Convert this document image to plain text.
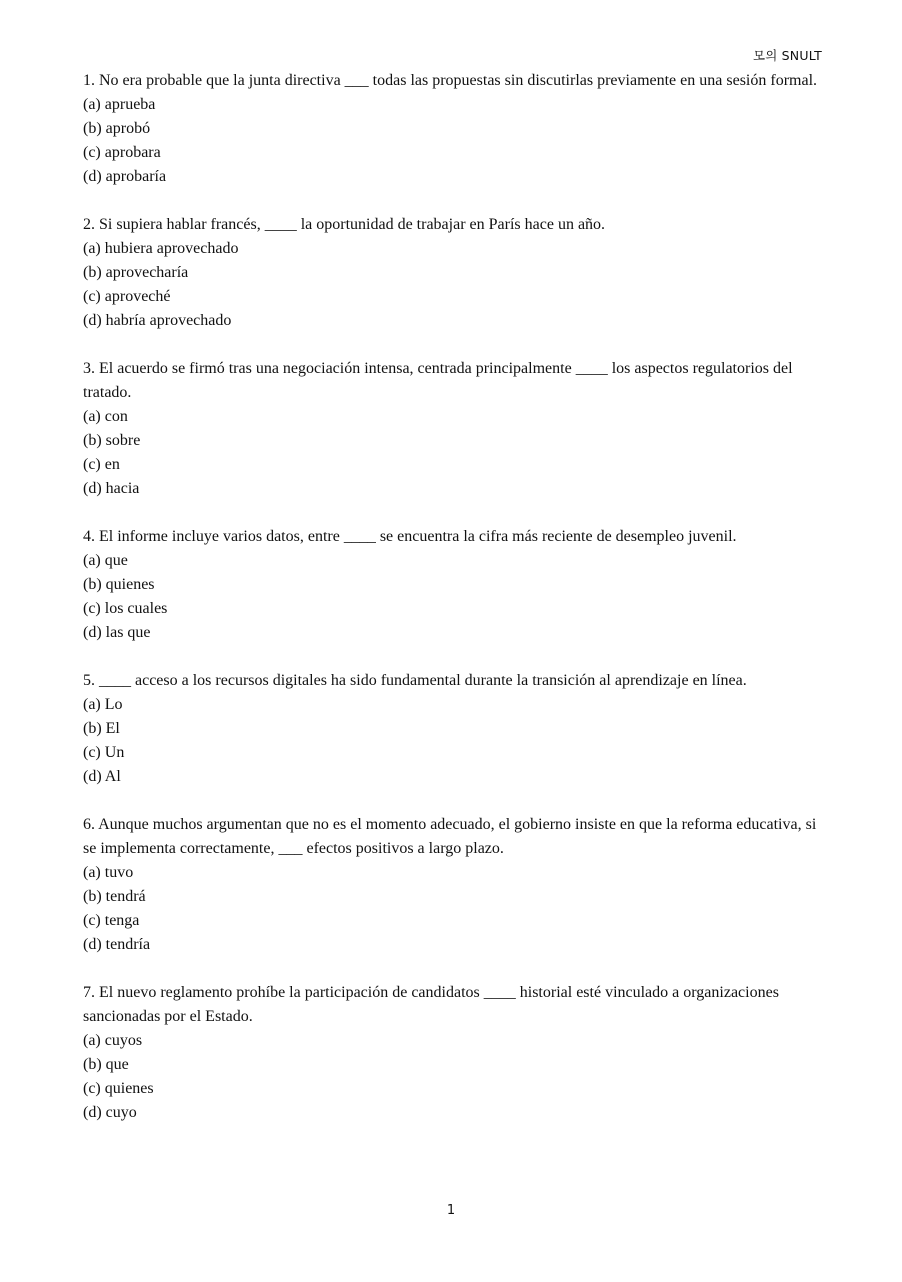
모의 SNULT
1. No era probable que la junta directiva ___ todas las propuestas sin discutirlas previamente en una sesión formal.
(a) aprueba
(b) aprobó
(c) aprobara
(d) aprobaría
2. Si supiera hablar francés, ____ la oportunidad de trabajar en París hace un año.
(a) hubiera aprovechado
(b) aprovecharía
(c) aproveché
(d) habría aprovechado
3. El acuerdo se firmó tras una negociación intensa, centrada principalmente ____ los aspectos regulatorios del tratado.
(a) con
(b) sobre
(c) en
(d) hacia
4. El informe incluye varios datos, entre ____ se encuentra la cifra más reciente de desempleo juvenil.
(a) que
(b) quienes
(c) los cuales
(d) las que
5. ____ acceso a los recursos digitales ha sido fundamental durante la transición al aprendizaje en línea.
(a) Lo
(b) El
(c) Un
(d) Al
6. Aunque muchos argumentan que no es el momento adecuado, el gobierno insiste en que la reforma educativa, si se implementa correctamente, ___ efectos positivos a largo plazo.
(a) tuvo
(b) tendrá
(c) tenga
(d) tendría
7. El nuevo reglamento prohíbe la participación de candidatos ____ historial esté vinculado a organizaciones sancionadas por el Estado.
(a) cuyos
(b) que
(c) quienes
(d) cuyo
1
